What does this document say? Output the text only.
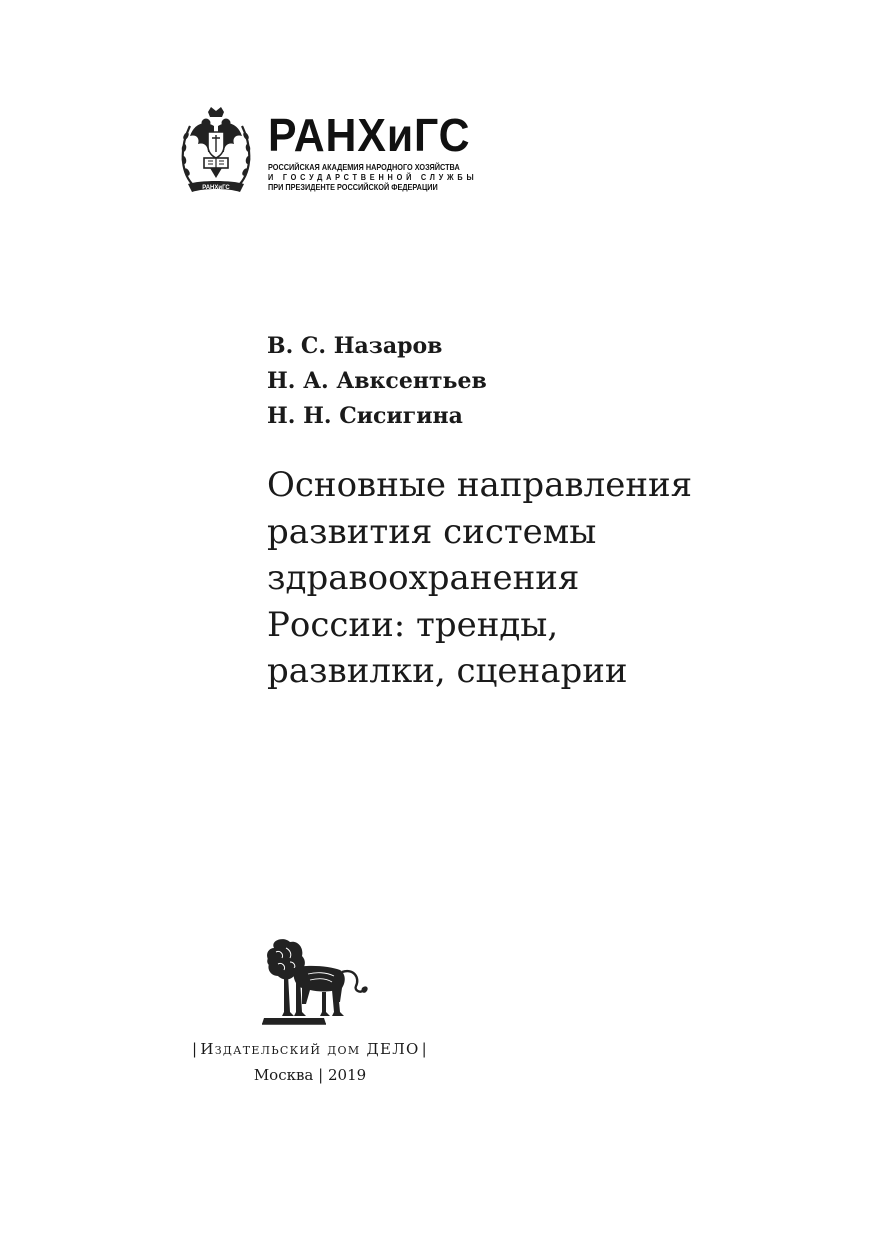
РАНХиГС
РАНХиГС
РОССИЙСКАЯ АКАДЕМИЯ НАРОДНОГО ХОЗЯЙСТВА
И ГОСУДАРСТВЕННОЙ СЛУЖБЫ
ПРИ ПРЕЗИДЕНТЕ РОССИЙСКОЙ ФЕДЕРАЦИИ
В. С. Назаров
Н. А. Авксентьев
Н. Н. Сисигина
Основные направления
развития системы
здравоохранения
России: тренды,
развилки, сценарии
| Издательский дом ДЕЛО |
Москва | 2019
